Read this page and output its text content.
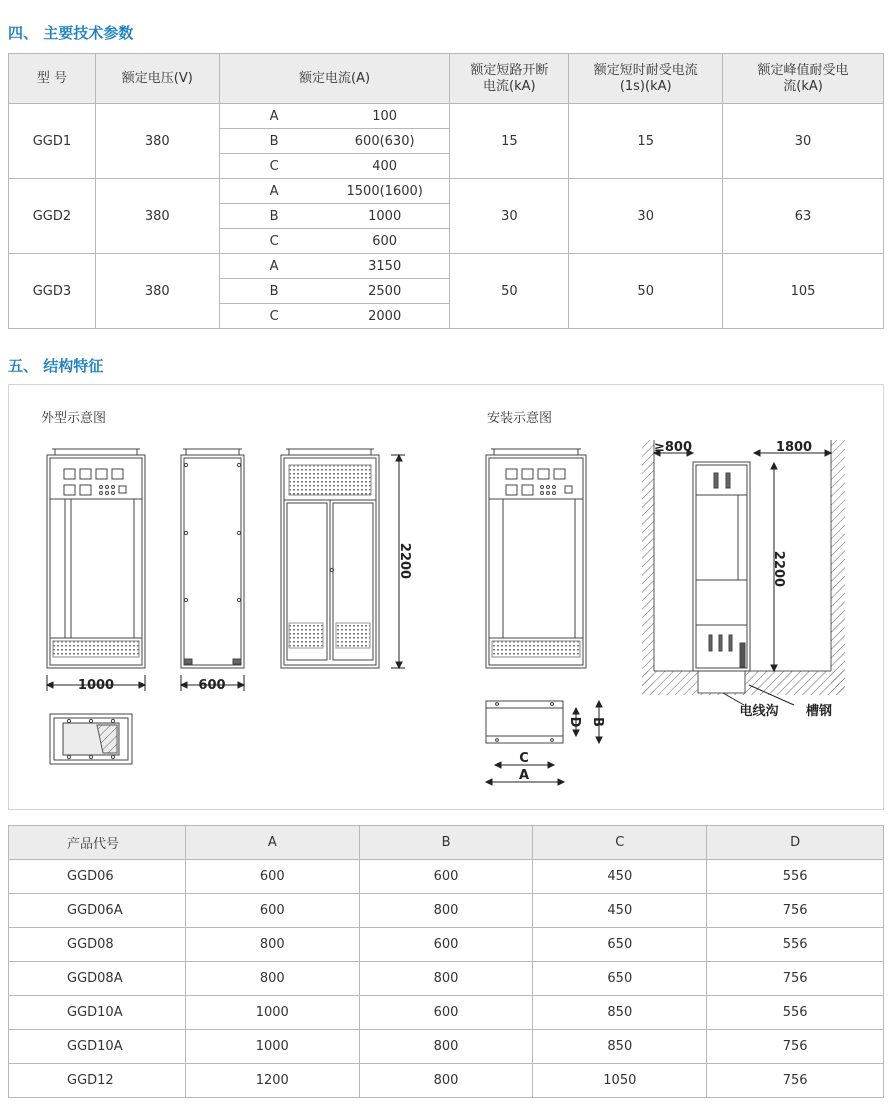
四、 主要技术参数
型 号	额定电压(V)	额定电流(A)	额定短路开断电流(kA)	额定短时耐受电流(1s)(kA)	额定峰值耐受电流(kA)
GGD1	380	A 100	15	15	30
		B 600(630)			
		C 400			
GGD2	380	A 1500(1600)	30	30	63
		B 1000			
		C 600			
GGD3	380	A 3150	50	50	105
		B 2500			
		C 2000			
五、 结构特征
外型示意图	安装示意图
1000	600
2200
A
C
D B
≥800	1800
2200
电线沟 槽钢
产品代号	A	B	C	D
GGD06	600	600	450	556
GGD06A	600	800	450	756
GGD08	800	600	650	556
GGD08A	800	800	650	756
GGD10A	1000	600	850	556
GGD10A	1000	800	850	756
GGD12	1200	800	1050	756
